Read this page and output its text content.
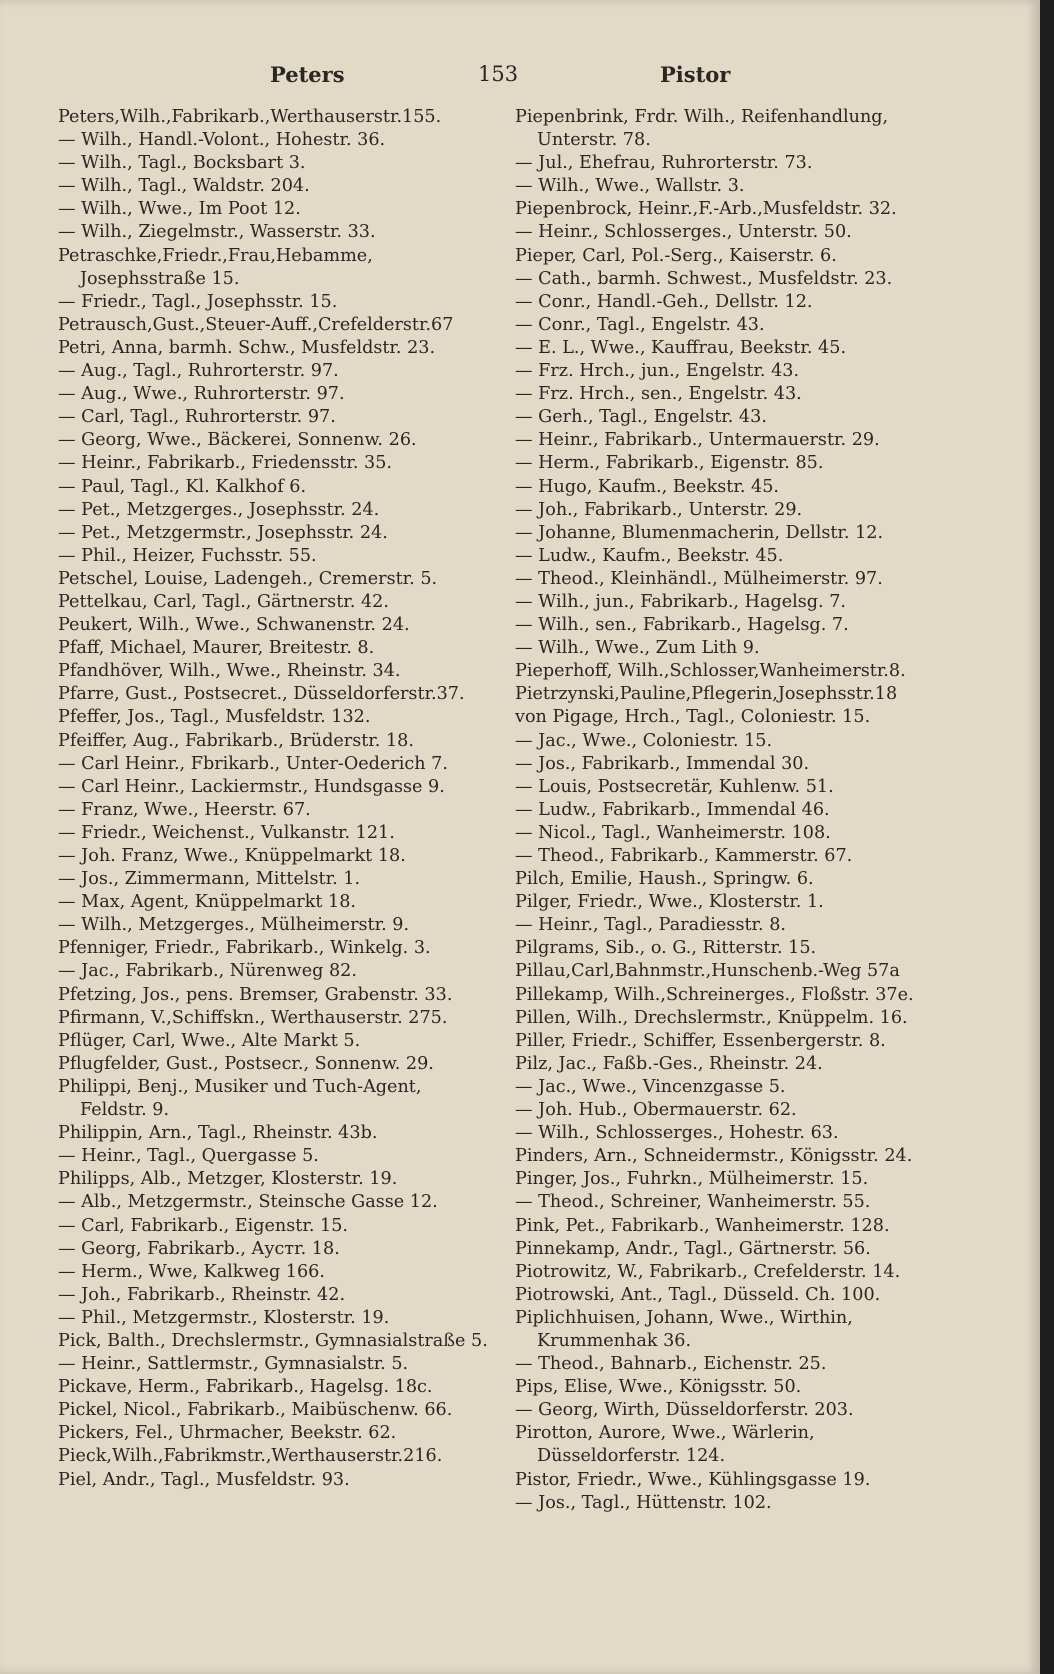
Peters	153	Pistor

Peters,Wilh.,Fabrikarb.,Werthauserstr.155.

— Wilh., Handl.-Volont., Hohestr. 36.

— Wilh., Tagl., Bocksbart 3.

— Wilh., Tagl., Waldstr. 204.

— Wilh., Wwe., Im Poot 12.

— Wilh., Ziegelmstr., Wasserstr. 33.

Petraschke,Friedr.,Frau,Hebamme, Josephsstraße 15.

— Friedr., Tagl., Josephsstr. 15.

Petrausch,Gust.,Steuer-Auff.,Crefelderstr.67

Petri, Anna, barmh. Schw., Musfeldstr. 23.

— Aug., Tagl., Ruhrorterstr. 97.

— Aug., Wwe., Ruhrorterstr. 97.

— Carl, Tagl., Ruhrorterstr. 97.

— Georg, Wwe., Bäckerei, Sonnenw. 26.

— Heinr., Fabrikarb., Friedensstr. 35.

— Paul, Tagl., Kl. Kalkhof 6.

— Pet., Metzgerges., Josephsstr. 24.

— Pet., Metzgermstr., Josephsstr. 24.

— Phil., Heizer, Fuchsstr. 55.

Petschel, Louise, Ladengeh., Cremerstr. 5.

Pettelkau, Carl, Tagl., Gärtnerstr. 42.

Peukert, Wilh., Wwe., Schwanenstr. 24.

Pfaff, Michael, Maurer, Breitestr. 8.

Pfandhöver, Wilh., Wwe., Rheinstr. 34.

Pfarre, Gust., Postsecret., Düsseldorferstr.37.

Pfeffer, Jos., Tagl., Musfeldstr. 132.

Pfeiffer, Aug., Fabrikarb., Brüderstr. 18.

— Carl Heinr., Fbrikarb., Unter-Oederich 7.

— Carl Heinr., Lackiermstr., Hundsgasse 9.

— Franz, Wwe., Heerstr. 67.

— Friedr., Weichenst., Vulkanstr. 121.

— Joh. Franz, Wwe., Knüppelmarkt 18.

— Jos., Zimmermann, Mittelstr. 1.

— Max, Agent, Knüppelmarkt 18.

— Wilh., Metzgerges., Mülheimerstr. 9.

Pfenniger, Friedr., Fabrikarb., Winkelg. 3.

— Jac., Fabrikarb., Nürenweg 82.

Pfetzing, Jos., pens. Bremser, Grabenstr. 33.

Pfirmann, V.,Schiffskn., Werthauserstr. 275.

Pflüger, Carl, Wwe., Alte Markt 5.

Pflugfelder, Gust., Postsecr., Sonnenw. 29.

Philippi, Benj., Musiker und Tuch-Agent, Feldstr. 9.

Philippin, Arn., Tagl., Rheinstr. 43b.

— Heinr., Tagl., Quergasse 5.

Philipps, Alb., Metzger, Klosterstr. 19.

— Alb., Metzgermstr., Steinsche Gasse 12.

— Carl, Fabrikarb., Eigenstr. 15.

— Georg, Fabrikarb., Aустr. 18.

— Herm., Wwe, Kalkweg 166.

— Joh., Fabrikarb., Rheinstr. 42.

— Phil., Metzgermstr., Klosterstr. 19.

Pick, Balth., Drechslermstr., Gymnasialstraße 5.

— Heinr., Sattlermstr., Gymnasialstr. 5.

Pickave, Herm., Fabrikarb., Hagelsg. 18c.

Pickel, Nicol., Fabrikarb., Maibüschenw. 66.

Pickers, Fel., Uhrmacher, Beekstr. 62.

Pieck,Wilh.,Fabrikmstr.,Werthauserstr.216.

Piel, Andr., Tagl., Musfeldstr. 93.

Piepenbrink, Frdr. Wilh., Reifenhandlung, Unterstr. 78.

— Jul., Ehefrau, Ruhrorterstr. 73.

— Wilh., Wwe., Wallstr. 3.

Piepenbrock, Heinr.,F.-Arb.,Musfeldstr. 32.

— Heinr., Schlosserges., Unterstr. 50.

Pieper, Carl, Pol.-Serg., Kaiserstr. 6.

— Cath., barmh. Schwest., Musfeldstr. 23.

— Conr., Handl.-Geh., Dellstr. 12.

— Conr., Tagl., Engelstr. 43.

— E. L., Wwe., Kauffrau, Beekstr. 45.

— Frz. Hrch., jun., Engelstr. 43.

— Frz. Hrch., sen., Engelstr. 43.

— Gerh., Tagl., Engelstr. 43.

— Heinr., Fabrikarb., Untermauerstr. 29.

— Herm., Fabrikarb., Eigenstr. 85.

— Hugo, Kaufm., Beekstr. 45.

— Joh., Fabrikarb., Unterstr. 29.

— Johanne, Blumenmacherin, Dellstr. 12.

— Ludw., Kaufm., Beekstr. 45.

— Theod., Kleinhändl., Mülheimerstr. 97.

— Wilh., jun., Fabrikarb., Hagelsg. 7.

— Wilh., sen., Fabrikarb., Hagelsg. 7.

— Wilh., Wwe., Zum Lith 9.

Pieperhoff, Wilh.,Schlosser,Wanheimerstr.8.

Pietrzynski,Pauline,Pflegerin,Josephsstr.18

von Pigage, Hrch., Tagl., Coloniestr. 15.

— Jac., Wwe., Coloniestr. 15.

— Jos., Fabrikarb., Immendal 30.

— Louis, Postsecretär, Kuhlenw. 51.

— Ludw., Fabrikarb., Immendal 46.

— Nicol., Tagl., Wanheimerstr. 108.

— Theod., Fabrikarb., Kammerstr. 67.

Pilch, Emilie, Haush., Springw. 6.

Pilger, Friedr., Wwe., Klosterstr. 1.

— Heinr., Tagl., Paradiesstr. 8.

Pilgrams, Sib., o. G., Ritterstr. 15.

Pillau,Carl,Bahnmstr.,Hunschenb.-Weg 57a

Pillekamp, Wilh.,Schreinerges., Floßstr. 37e.

Pillen, Wilh., Drechslermstr., Knüppelm. 16.

Piller, Friedr., Schiffer, Essenbergerstr. 8.

Pilz, Jac., Faßb.-Ges., Rheinstr. 24.

— Jac., Wwe., Vincenzgasse 5.

— Joh. Hub., Obermauerstr. 62.

— Wilh., Schlosserges., Hohestr. 63.

Pinders, Arn., Schneidermstr., Königsstr. 24.

Pinger, Jos., Fuhrkn., Mülheimerstr. 15.

— Theod., Schreiner, Wanheimerstr. 55.

Pink, Pet., Fabrikarb., Wanheimerstr. 128.

Pinnekamp, Andr., Tagl., Gärtnerstr. 56.

Piotrowitz, W., Fabrikarb., Crefelderstr. 14.

Piotrowski, Ant., Tagl., Düsseld. Ch. 100.

Piplichhuisen, Johann, Wwe., Wirthin, Krummenhak 36.

— Theod., Bahnarb., Eichenstr. 25.

Pips, Elise, Wwe., Königsstr. 50.

— Georg, Wirth, Düsseldorferstr. 203.

Pirotton, Aurore, Wwe., Wärlerin, Düsseldorferstr. 124.

Pistor, Friedr., Wwe., Kühlingsgasse 19.

— Jos., Tagl., Hüttenstr. 102.
